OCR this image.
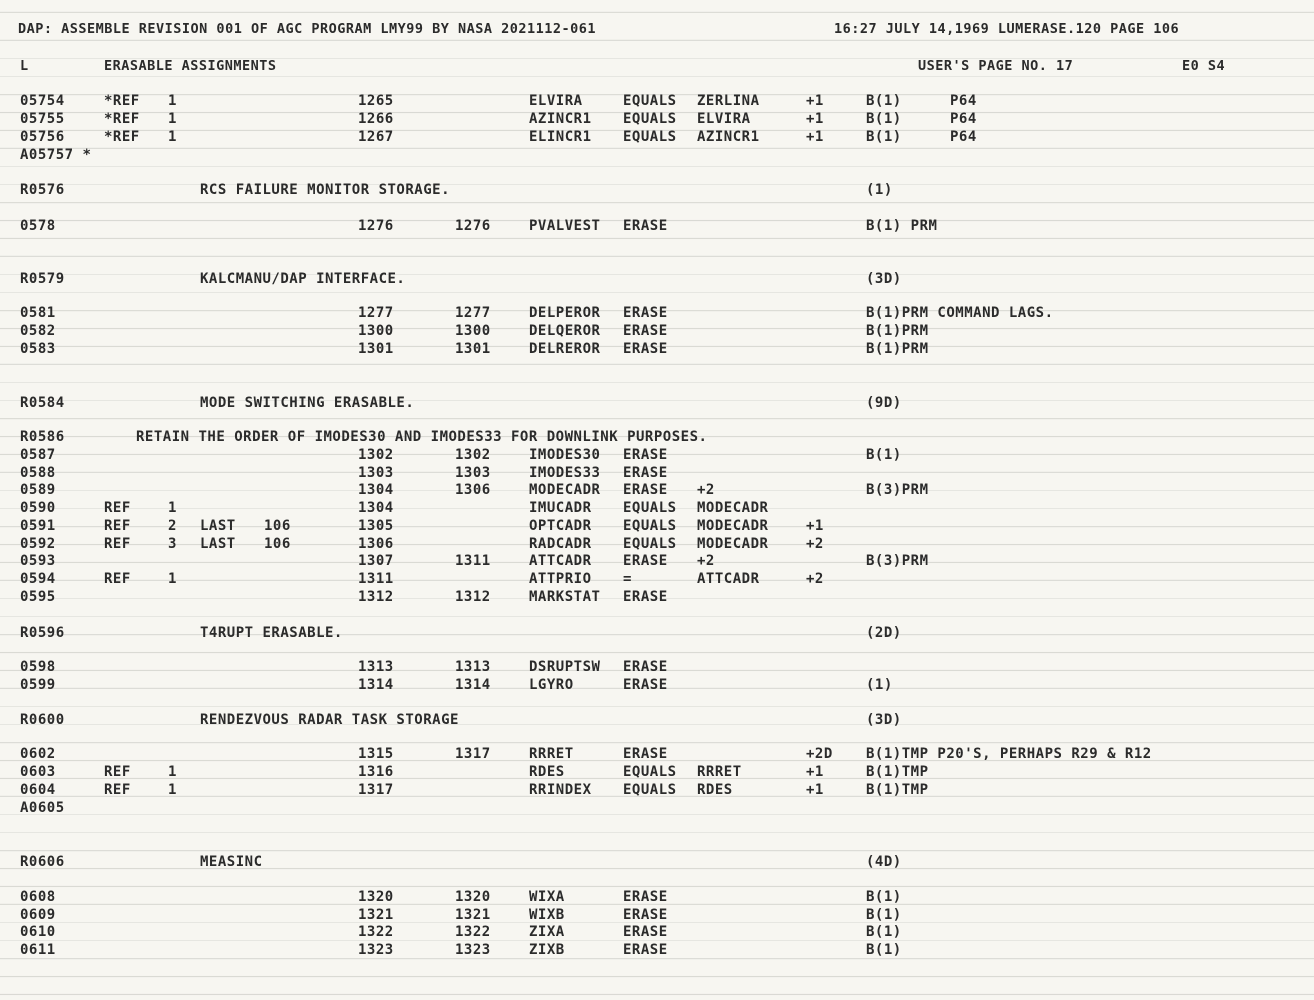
DAP: ASSEMBLE REVISION 001 OF AGC PROGRAM LMY99 BY NASA 2021112-061	16:27 JULY 14,1969 LUMERASE.120 PAGE 106
L	ERASABLE ASSIGNMENTS	USER'S PAGE NO. 17	E0 S4
05754	*REF 1	1265	ELVIRA	EQUALS ZERLINA	+1	B(1)	P64
05755	*REF 1	1266	AZINCR1 EQUALS ELVIRA	+1	B(1)	P64
05756	*REF 1	1267	ELINCR1 EQUALS AZINCR1	+1	B(1)	P64
A05757 *
R0576	RCS FAILURE MONITOR STORAGE.	(1)
0578	1276	1276	PVALVEST ERASE	B(1) PRM
R0579	KALCMANU/DAP INTERFACE.	(3D)
0581	1277	1277	DELPEROR ERASE	B(1)PRM COMMAND LAGS.
0582	1300	1300	DELQEROR ERASE	B(1)PRM
0583	1301	1301	DELREROR ERASE	B(1)PRM
R0584	MODE SWITCHING ERASABLE.	(9D)
R0586	RETAIN THE ORDER OF IMODES30 AND IMODES33 FOR DOWNLINK PURPOSES.
0587	1302	1302	IMODES30 ERASE	B(1)
0588	1303	1303	IMODES33 ERASE
0589	1304	1306	MODECADR ERASE +2	B(3)PRM
0590	REF	1	1304	IMUCADR EQUALS MODECADR
0591	REF	2 LAST 106	1305	OPTCADR EQUALS MODECADR	+1
0592	REF	3 LAST 106	1306	RADCADR EQUALS MODECADR	+2
0593	1307	1311	ATTCADR ERASE +2	B(3)PRM
0594	REF	1	1311	ATTPRIO =	ATTCADR	+2
0595	1312	1312	MARKSTAT ERASE
R0596	T4RUPT ERASABLE.	(2D)
0598	1313	1313	DSRUPTSW ERASE
0599	1314	1314	LGYRO	ERASE	(1)
R0600	RENDEZVOUS RADAR TASK STORAGE	(3D)
0602	1315	1317	RRRET	ERASE	+2D B(1)TMP P20'S, PERHAPS R29 & R12
0603	REF	1	1316	RDES	EQUALS RRRET	+1	B(1)TMP
0604	REF	1	1317	RRINDEX EQUALS RDES	+1	B(1)TMP
A0605
R0606	MEASINC	(4D)
0608	1320	1320	WIXA	ERASE	B(1)
0609	1321	1321	WIXB	ERASE	B(1)
0610	1322	1322	ZIXA	ERASE	B(1)
0611	1323	1323	ZIXB	ERASE	B(1)
